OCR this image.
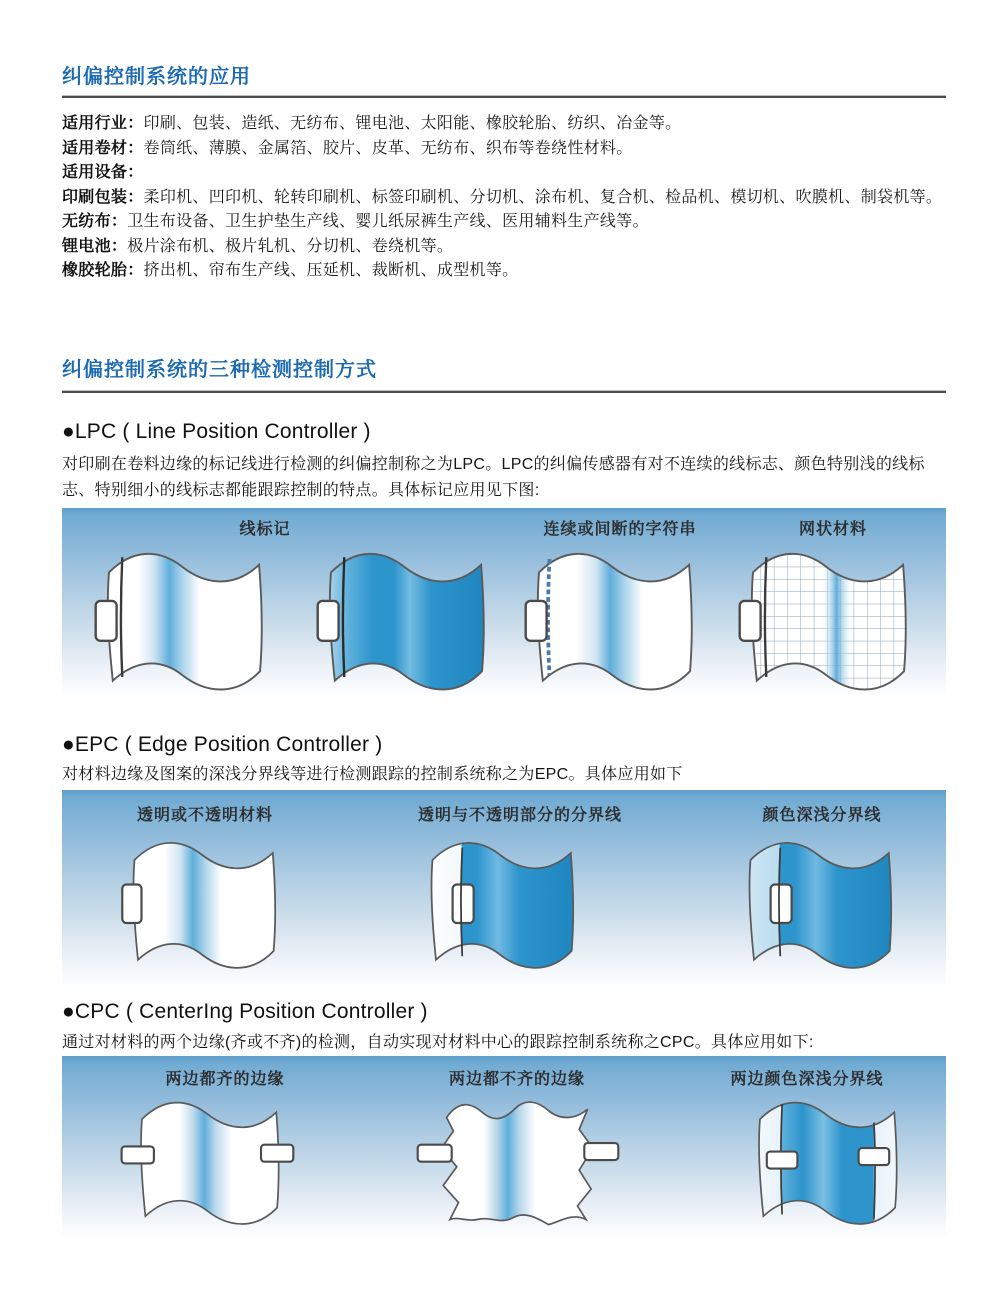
纠偏控制系统的应用
适用行业： 印刷、包装、造纸、无纺布、锂电池、太阳能、橡胶轮胎、纺织、冶金等。
适用卷材： 卷筒纸、薄膜、金属箔、胶片、皮革、无纺布、织布等卷绕性材料。
适用设备：
印刷包装： 柔印机、凹印机、轮转印刷机、标签印刷机、分切机、涂布机、复合机、检品机、模切机、吹膜机、制袋机等。
无纺布： 卫生布设备、卫生护垫生产线、婴儿纸尿裤生产线、医用辅料生产线等。
锂电池： 极片涂布机、极片轧机、分切机、卷绕机等。
橡胶轮胎： 挤出机、帘布生产线、压延机、裁断机、成型机等。
纠偏控制系统的三种检测控制方式
●LPC ( Line Position Controller )
对印刷在卷料边缘的标记线进行检测的纠偏控制称之为LPC。LPC的纠偏传感器有对不连续的线标志、颜色特别浅的线标志、特别细小的线标志都能跟踪控制的特点。具体标记应用见下图:
线标记	连续或间断的字符串	网状材料
●EPC ( Edge Position Controller )
对材料边缘及图案的深浅分界线等进行检测跟踪的控制系统称之为EPC。具体应用如下
透明或不透明材料	透明与不透明部分的分界线	颜色深浅分界线
●CPC ( CenterIng Position Controller )
通过对材料的两个边缘(齐或不齐)的检测，自动实现对材料中心的跟踪控制系统称之CPC。具体应用如下:
两边都齐的边缘	两边都不齐的边缘	两边颜色深浅分界线
